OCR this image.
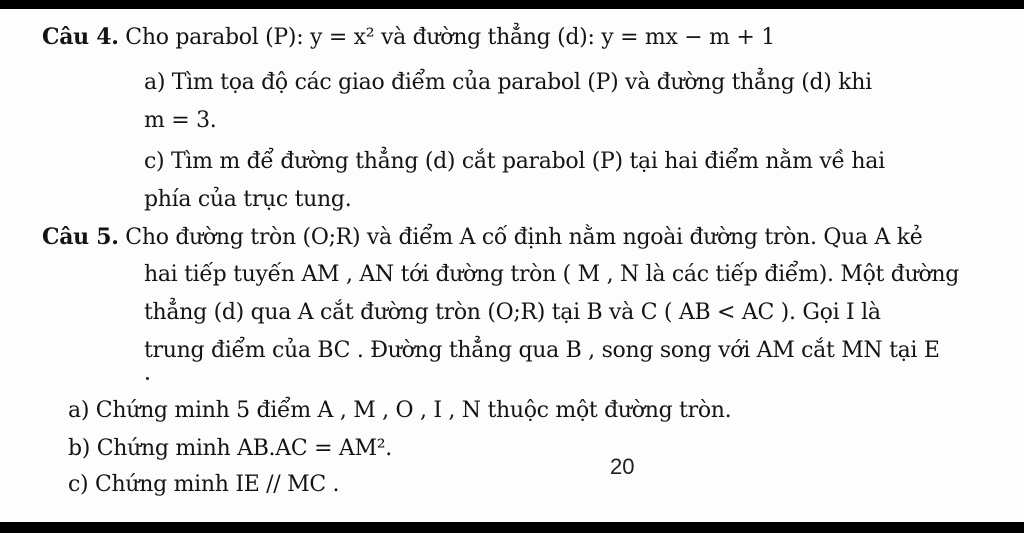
Câu 4. Cho parabol (P): y = x² và đường thẳng (d): y = mx − m + 1
a) Tìm tọa độ các giao điểm của parabol (P) và đường thẳng (d) khi
m = 3.
c) Tìm m để đường thẳng (d) cắt parabol (P) tại hai điểm nằm về hai
phía của trục tung.
Câu 5. Cho đường tròn (O;R) và điểm A cố định nằm ngoài đường tròn. Qua A kẻ
hai tiếp tuyến AM , AN tới đường tròn ( M , N là các tiếp điểm). Một đường
thẳng (d) qua A cắt đường tròn (O;R) tại B và C ( AB < AC ). Gọi I là
trung điểm của BC . Đường thẳng qua B , song song với AM cắt MN tại E
a) Chứng minh 5 điểm A , M , O , I , N thuộc một đường tròn.
b) Chứng minh AB.AC = AM².
c) Chứng minh IE // MC .
20
